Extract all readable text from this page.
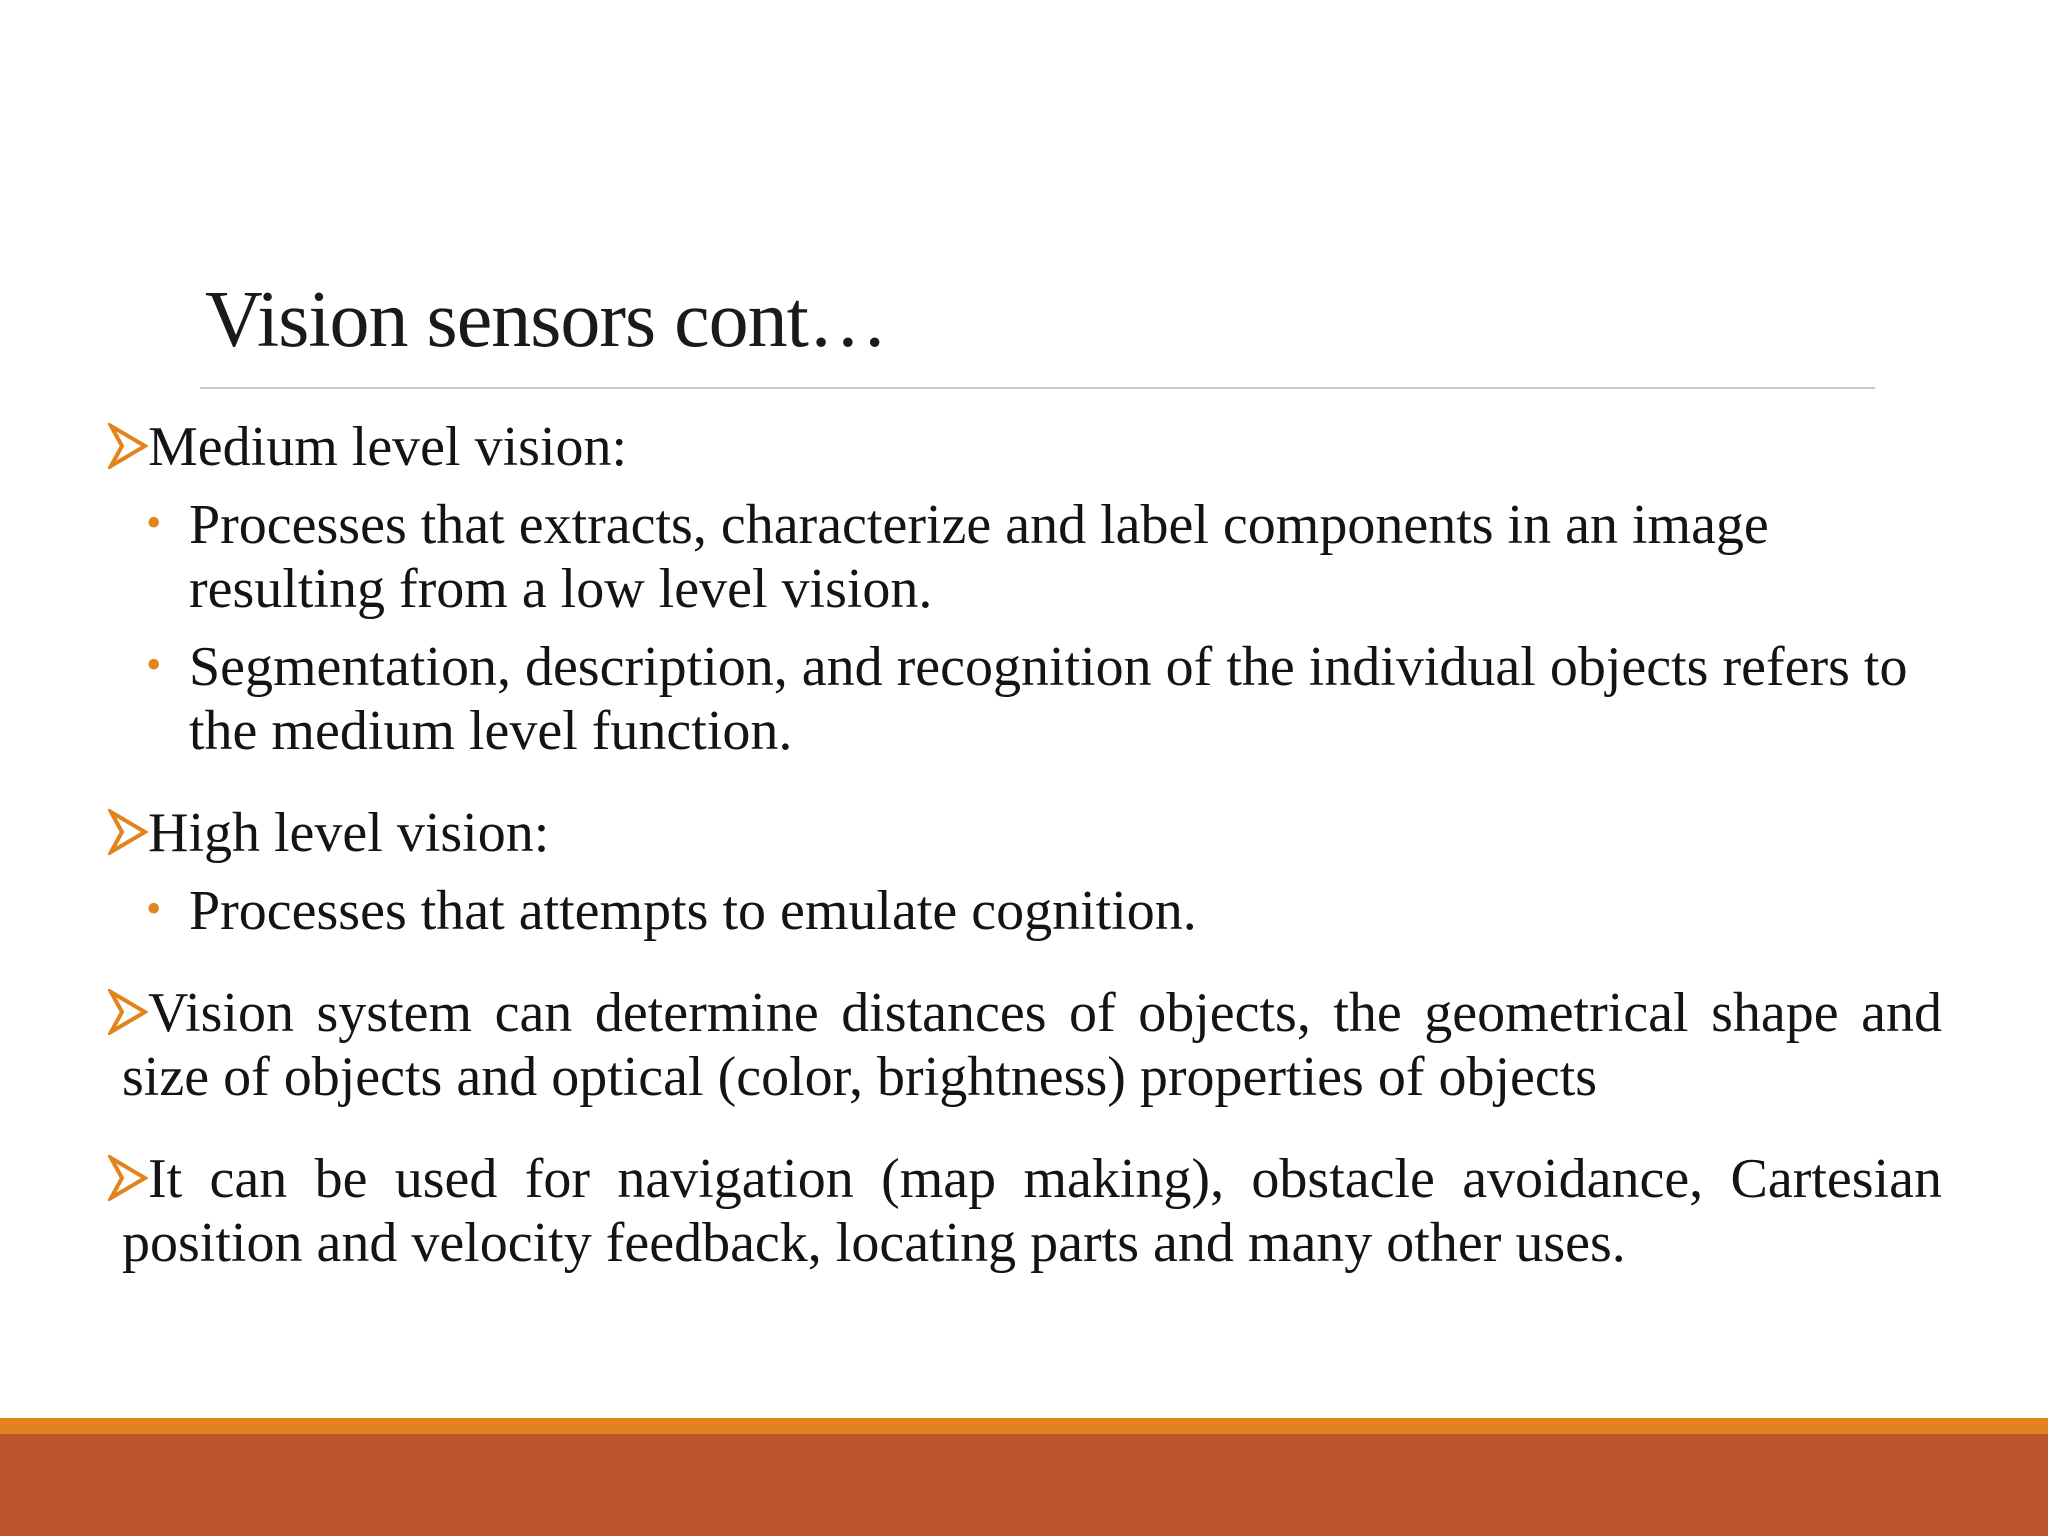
Vision sensors cont…

Medium level vision:

• Processes that extracts, characterize and label components in an image resulting from a low level vision.

• Segmentation, description, and recognition of the individual objects refers to the medium level function.

High level vision:

• Processes that attempts to emulate cognition.

Vision system can determine distances of objects, the geometrical shape and size of objects and optical (color, brightness) properties of objects

It can be used for navigation (map making), obstacle avoidance, Cartesian position and velocity feedback, locating parts and many other uses.
